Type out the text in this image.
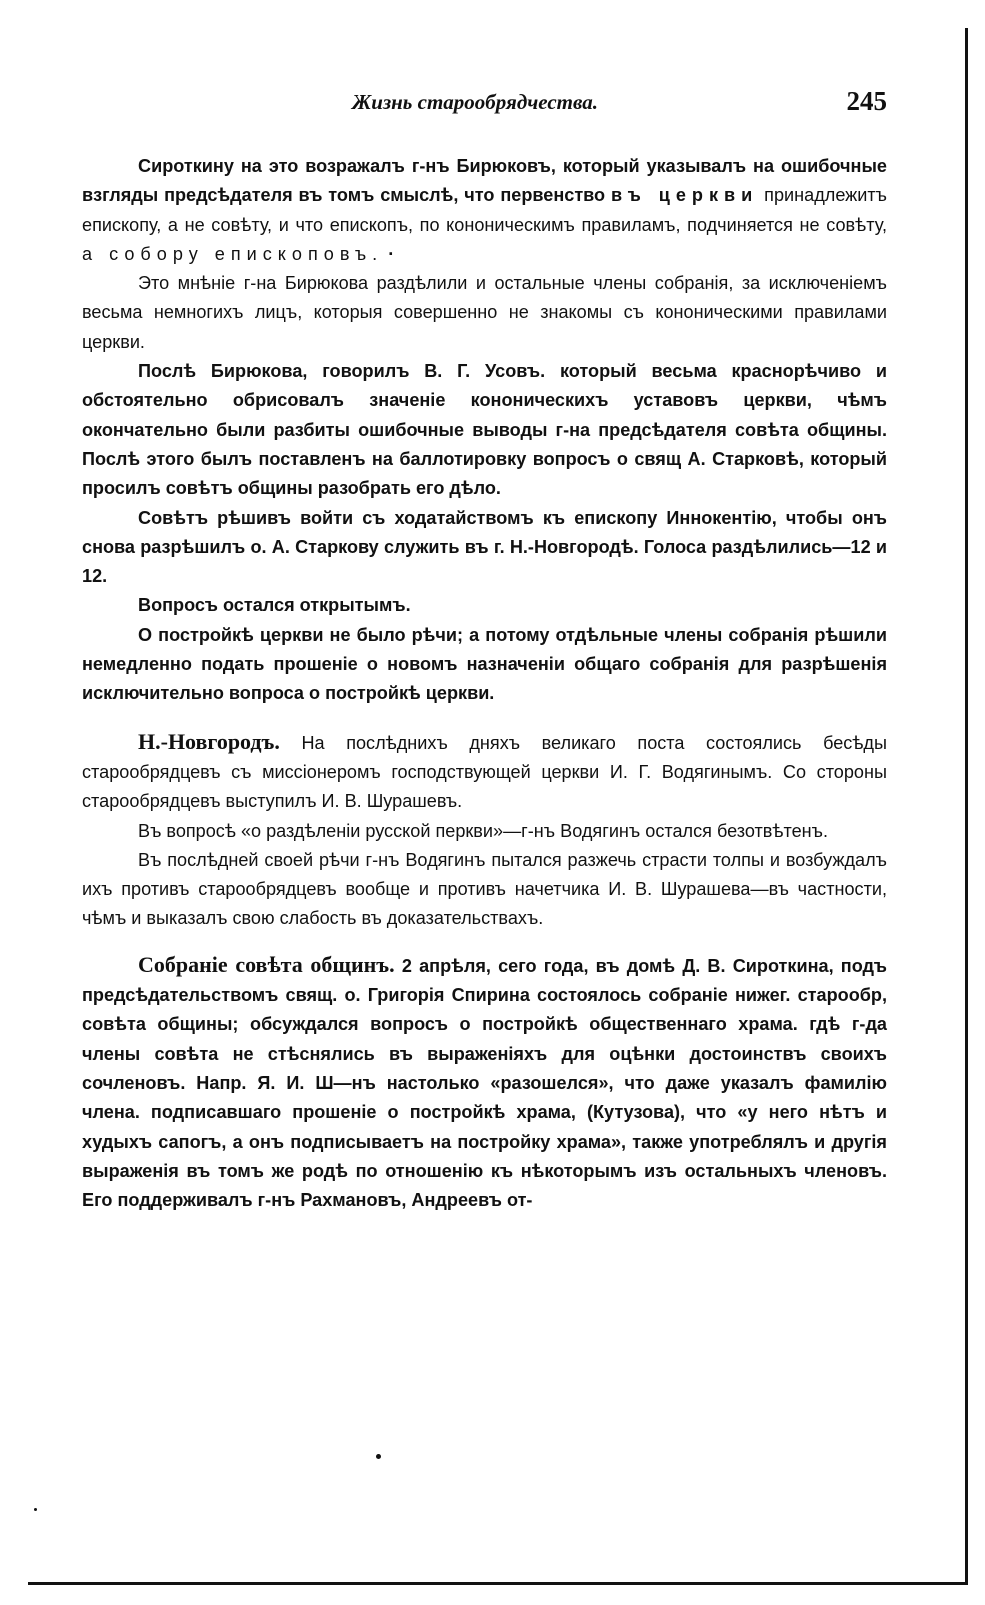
Жизнь старообрядчества.	245

Сироткину на это возражалъ г-нъ Бирюковъ, который указывалъ на ошибочные взгляды предсѣдателя въ томъ смыслѣ, что первенство въ церкви принадлежитъ епископу, а не совѣту, и что епископъ, по кононическимъ правиламъ, подчиняется не совѣту, а собору епископовъ. ·

Это мнѣніе г-на Бирюкова раздѣлили и остальные члены собранія, за исключеніемъ весьма немногихъ лицъ, которыя совершенно не знакомы съ кононическими правилами церкви.

Послѣ Бирюкова, говорилъ В. Г. Усовъ. который весьма краснорѣчиво и обстоятельно обрисовалъ значеніе кононическихъ уставовъ церкви, чѣмъ окончательно были разбиты ошибочные выводы г-на предсѣдателя совѣта общины. Послѣ этого былъ поставленъ на баллотировку вопросъ о свящ А. Старковѣ, который просилъ совѣтъ общины разобрать его дѣло.

Совѣтъ рѣшивъ войти съ ходатайствомъ къ епископу Иннокентію, чтобы онъ снова разрѣшилъ о. А. Старкову служить въ г. Н.-Новгородѣ. Голоса раздѣлились—12 и 12.

Вопросъ остался открытымъ.

О постройкѣ церкви не было рѣчи; а потому отдѣльные члены собранія рѣшили немедленно подать прошеніе о новомъ назначеніи общаго собранія для разрѣшенія исключительно вопроса о постройкѣ церкви.

Н.-Новгородъ. На послѣднихъ дняхъ великаго поста состоялись бесѣды старообрядцевъ съ миссіонеромъ господствующей церкви И. Г. Водягинымъ. Со стороны старообрядцевъ выступилъ И. В. Шурашевъ.

Въ вопросѣ «о раздѣленіи русской перкви»—г-нъ Водягинъ остался безотвѣтенъ.

Въ послѣдней своей рѣчи г-нъ Водягинъ пытался разжечь страсти толпы и возбуждалъ ихъ противъ старообрядцевъ вообще и противъ начетчика И. В. Шурашева—въ частности, чѣмъ и выказалъ свою слабость въ доказательствахъ.

Собраніе совѣта общинъ. 2 апрѣля, сего года, въ домѣ Д. В. Сироткина, подъ предсѣдательствомъ свящ. о. Григорія Спирина состоялось собраніе нижег. старообр, совѣта общины; обсуждался вопросъ о постройкѣ общественнаго храма. гдѣ г-да члены совѣта не стѣснялись въ выраженіяхъ для оцѣнки достоинствъ своихъ сочленовъ. Напр. Я. И. Ш—нъ настолько «разошелся», что даже указалъ фамилію члена. подписавшаго прошеніе о постройкѣ храма, (Кутузова), что «у него нѣтъ и худыхъ сапогъ, а онъ подписываетъ на постройку храма», также употреблялъ и другія выраженія въ томъ же родѣ по отношенію къ нѣкоторымъ изъ остальныхъ членовъ. Его поддерживалъ г-нъ Рахмановъ, Андреевъ от-
